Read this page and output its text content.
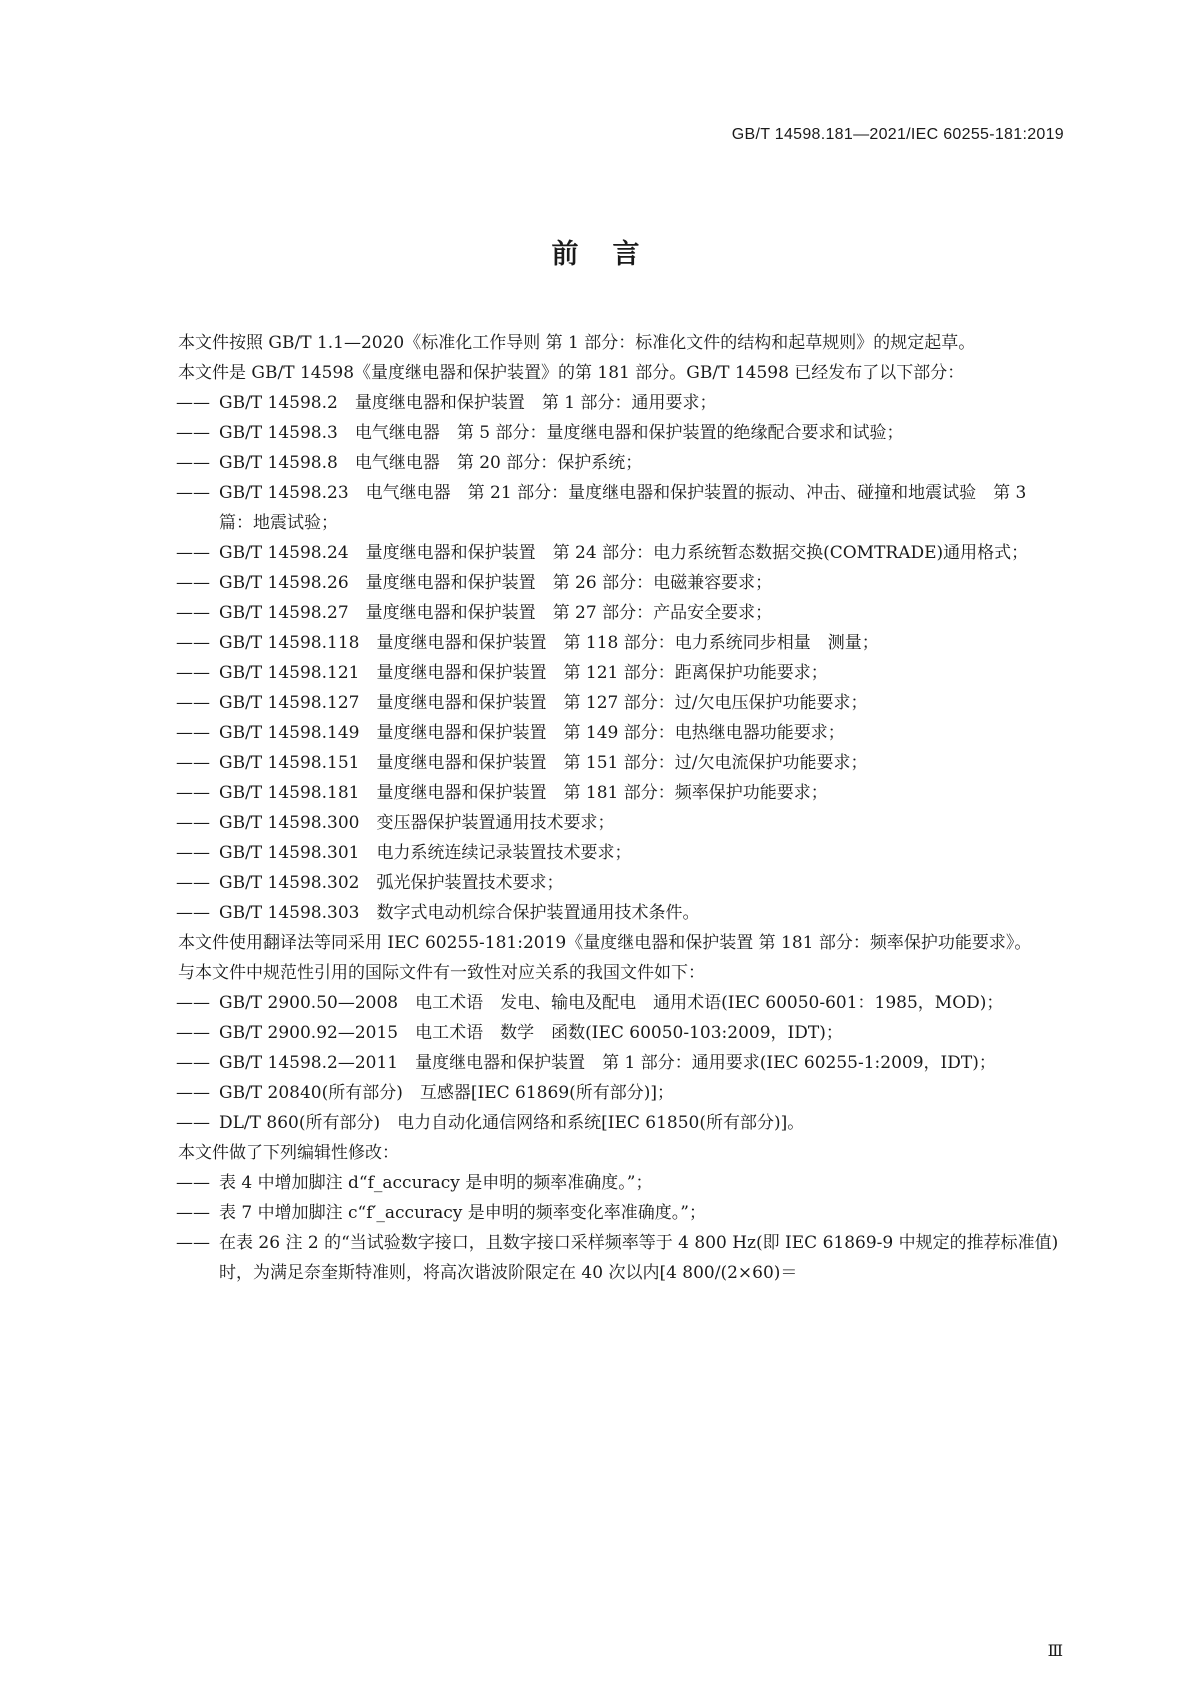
GB/T 14598.181—2021/IEC 60255-181:2019
前言

本文件按照 GB/T 1.1—2020《标准化工作导则 第 1 部分：标准化文件的结构和起草规则》的规定起草。

本文件是 GB/T 14598《量度继电器和保护装置》的第 181 部分。GB/T 14598 已经发布了以下部分：

—— GB/T 14598.2　量度继电器和保护装置　第 1 部分：通用要求；

—— GB/T 14598.3　电气继电器　第 5 部分：量度继电器和保护装置的绝缘配合要求和试验；

—— GB/T 14598.8　电气继电器　第 20 部分：保护系统；

—— GB/T 14598.23　电气继电器　第 21 部分：量度继电器和保护装置的振动、冲击、碰撞和地震试验　第 3 篇：地震试验；

—— GB/T 14598.24　量度继电器和保护装置　第 24 部分：电力系统暂态数据交换(COMTRADE)通用格式；

—— GB/T 14598.26　量度继电器和保护装置　第 26 部分：电磁兼容要求；

—— GB/T 14598.27　量度继电器和保护装置　第 27 部分：产品安全要求；

—— GB/T 14598.118　量度继电器和保护装置　第 118 部分：电力系统同步相量　测量；

—— GB/T 14598.121　量度继电器和保护装置　第 121 部分：距离保护功能要求；

—— GB/T 14598.127　量度继电器和保护装置　第 127 部分：过/欠电压保护功能要求；

—— GB/T 14598.149　量度继电器和保护装置　第 149 部分：电热继电器功能要求；

—— GB/T 14598.151　量度继电器和保护装置　第 151 部分：过/欠电流保护功能要求；

—— GB/T 14598.181　量度继电器和保护装置　第 181 部分：频率保护功能要求；

—— GB/T 14598.300　变压器保护装置通用技术要求；

—— GB/T 14598.301　电力系统连续记录装置技术要求；

—— GB/T 14598.302　弧光保护装置技术要求；

—— GB/T 14598.303　数字式电动机综合保护装置通用技术条件。

本文件使用翻译法等同采用 IEC 60255-181:2019《量度继电器和保护装置 第 181 部分：频率保护功能要求》。

与本文件中规范性引用的国际文件有一致性对应关系的我国文件如下：

—— GB/T 2900.50—2008　电工术语　发电、输电及配电　通用术语(IEC 60050-601：1985，MOD)；

—— GB/T 2900.92—2015　电工术语　数学　函数(IEC 60050-103:2009，IDT)；

—— GB/T 14598.2—2011　量度继电器和保护装置　第 1 部分：通用要求(IEC 60255-1:2009，IDT)；

—— GB/T 20840(所有部分)　互感器[IEC 61869(所有部分)]；

—— DL/T 860(所有部分)　电力自动化通信网络和系统[IEC 61850(所有部分)]。

本文件做了下列编辑性修改：

—— 表 4 中增加脚注 d“f_accuracy 是申明的频率准确度。”；

—— 表 7 中增加脚注 c“f′_accuracy 是申明的频率变化率准确度。”；

—— 在表 26 注 2 的“当试验数字接口，且数字接口采样频率等于 4 800 Hz(即 IEC 61869-9 中规定的推荐标准值)时，为满足奈奎斯特准则，将高次谐波阶限定在 40 次以内[4 800/(2×60)＝

Ⅲ
